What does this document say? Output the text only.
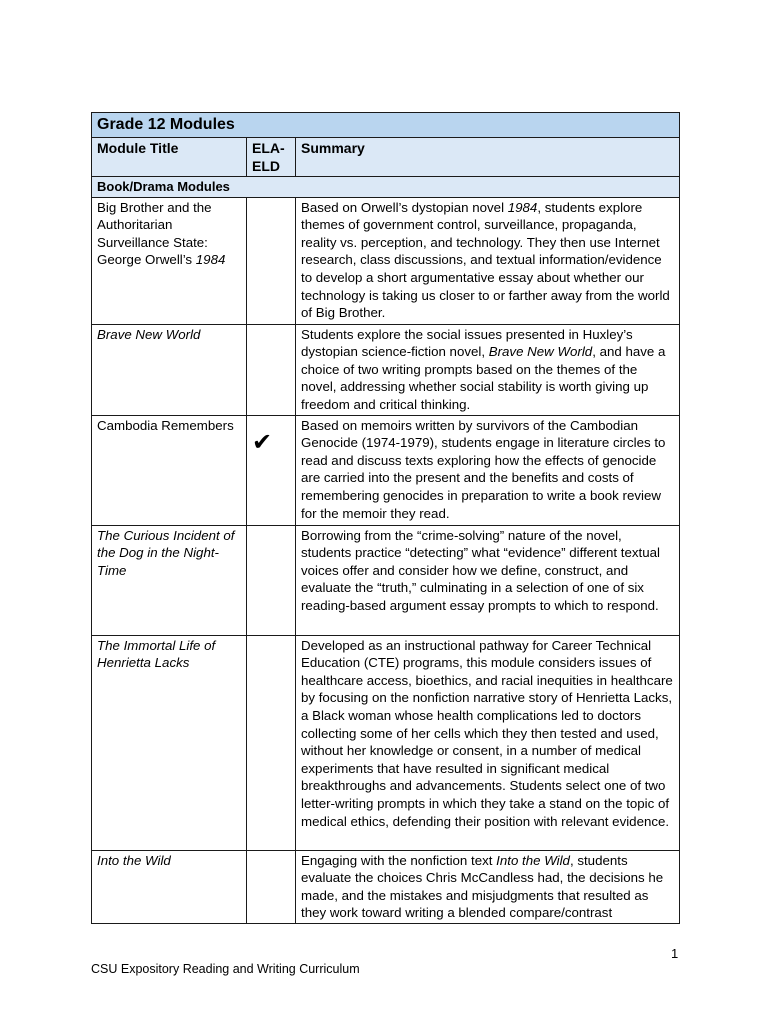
Grade 12 Modules		
Module Title	ELA-ELD	Summary
Book/Drama Modules		
Big Brother and the Authoritarian Surveillance State: George Orwell’s 1984		Based on Orwell’s dystopian novel 1984, students explore themes of government control, surveillance, propaganda, reality vs. perception, and technology. They then use Internet research, class discussions, and textual information/evidence to develop a short argumentative essay about whether our technology is taking us closer to or farther away from the world of Big Brother.
Brave New World		Students explore the social issues presented in Huxley’s dystopian science-fiction novel, Brave New World, and have a choice of two writing prompts based on the themes of the novel, addressing whether social stability is worth giving up freedom and critical thinking.
Cambodia Remembers	✔	Based on memoirs written by survivors of the Cambodian Genocide (1974-1979), students engage in literature circles to read and discuss texts exploring how the effects of genocide are carried into the present and the benefits and costs of remembering genocides in preparation to write a book review for the memoir they read.
The Curious Incident of the Dog in the Night-Time		Borrowing from the “crime-solving” nature of the novel, students practice “detecting” what “evidence” different textual voices offer and consider how we define, construct, and evaluate the “truth,” culminating in a selection of one of six reading-based argument essay prompts to which to respond.
The Immortal Life of Henrietta Lacks		Developed as an instructional pathway for Career Technical Education (CTE) programs, this module considers issues of healthcare access, bioethics, and racial inequities in healthcare by focusing on the nonfiction narrative story of Henrietta Lacks, a Black woman whose health complications led to doctors collecting some of her cells which they then tested and used, without her knowledge or consent, in a number of medical experiments that have resulted in significant medical breakthroughs and advancements. Students select one of two letter-writing prompts in which they take a stand on the topic of medical ethics, defending their position with relevant evidence.
Into the Wild		Engaging with the nonfiction text Into the Wild, students evaluate the choices Chris McCandless had, the decisions he made, and the mistakes and misjudgments that resulted as they work toward writing a blended compare/contrast
1
CSU Expository Reading and Writing Curriculum
